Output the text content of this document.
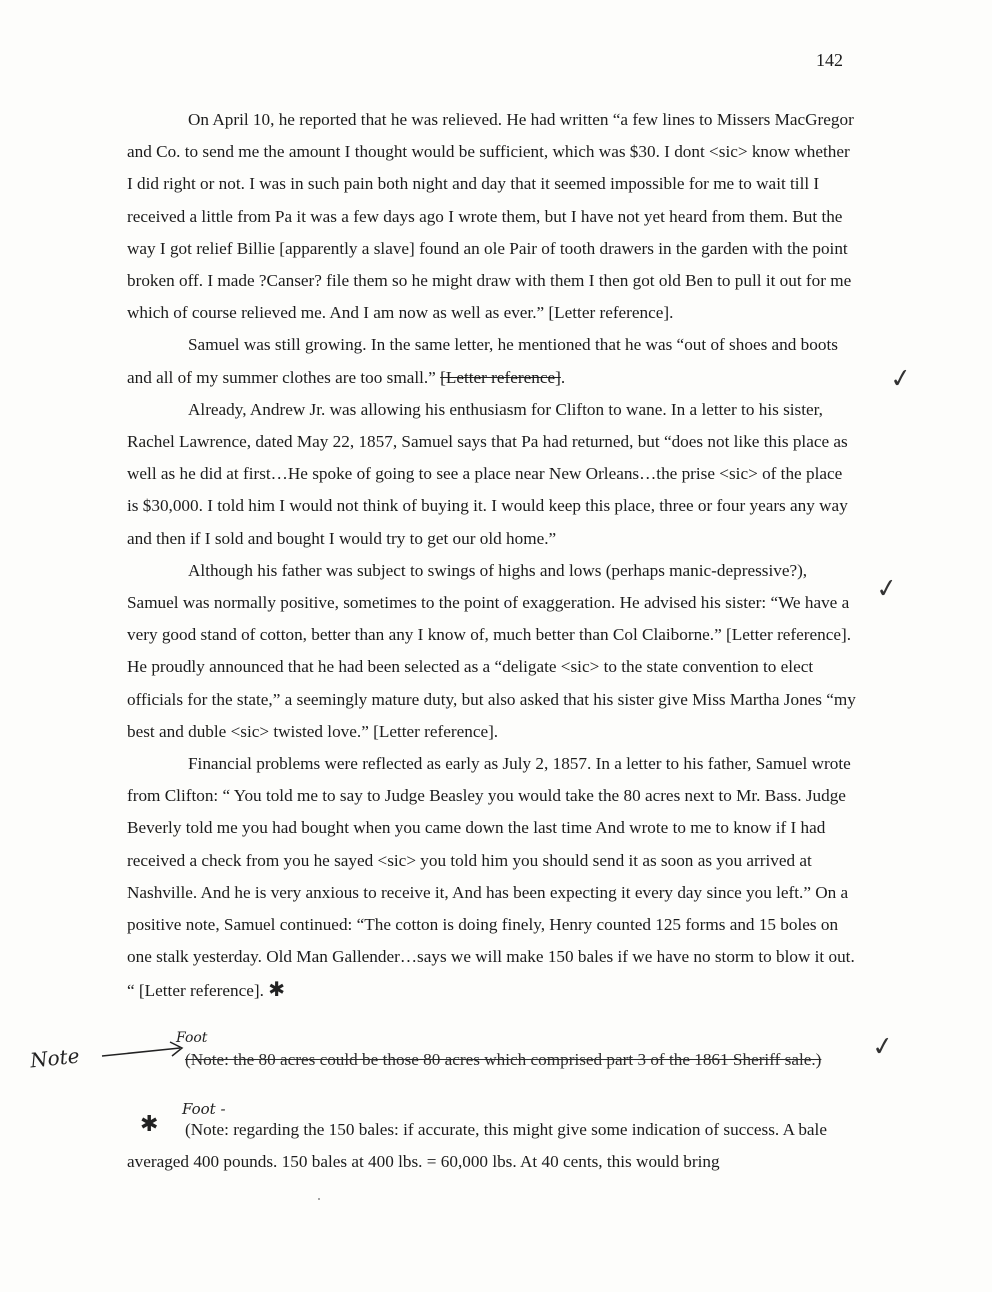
142

On April 10, he reported that he was relieved. He had written “a few lines to Missers MacGregor and Co. to send me the amount I thought would be sufficient, which was $30. I dont <sic> know whether I did right or not. I was in such pain both night and day that it seemed impossible for me to wait till I received a little from Pa it was a few days ago I wrote them, but I have not yet heard from them. But the way I got relief Billie [apparently a slave] found an ole Pair of tooth drawers in the garden with the point broken off. I made ?Canser? file them so he might draw with them I then got old Ben to pull it out for me which of course relieved me. And I am now as well as ever.” [Letter reference].

Samuel was still growing. In the same letter, he mentioned that he was “out of shoes and boots and all of my summer clothes are too small.” [Letter reference].

Already, Andrew Jr. was allowing his enthusiasm for Clifton to wane. In a letter to his sister, Rachel Lawrence, dated May 22, 1857, Samuel says that Pa had returned, but “does not like this place as well as he did at first…He spoke of going to see a place near New Orleans…the prise <sic> of the place is $30,000. I told him I would not think of buying it. I would keep this place, three or four years any way and then if I sold and bought I would try to get our old home.”

Although his father was subject to swings of highs and lows (perhaps manic-depressive?), Samuel was normally positive, sometimes to the point of exaggeration. He advised his sister: “We have a very good stand of cotton, better than any I know of, much better than Col Claiborne.” [Letter reference]. He proudly announced that he had been selected as a “deligate <sic> to the state convention to elect officials for the state,” a seemingly mature duty, but also asked that his sister give Miss Martha Jones “my best and duble <sic> twisted love.” [Letter reference].

Financial problems were reflected as early as July 2, 1857. In a letter to his father, Samuel wrote from Clifton: “ You told me to say to Judge Beasley you would take the 80 acres next to Mr. Bass. Judge Beverly told me you had bought when you came down the last time And wrote to me to know if I had received a check from you he sayed <sic> you told him you should send it as soon as you arrived at Nashville. And he is very anxious to receive it, And has been expecting it every day since you left.” On a positive note, Samuel continued: “The cotton is doing finely, Henry counted 125 forms and 15 boles on one stalk yesterday. Old Man Gallender…says we will make 150 bales if we have no storm to blow it out. “ [Letter reference]. ✱

✓
✓
✓
Note
Foot
(Note: the 80 acres could be those 80 acres which comprised part 3 of the 1861 Sheriff sale.)
Foot -
✱	(Note: regarding the 150 bales: if accurate, this might give some indication of success. A bale averaged 400 pounds. 150 bales at 400 lbs. = 60,000 lbs. At 40 cents, this would bring
